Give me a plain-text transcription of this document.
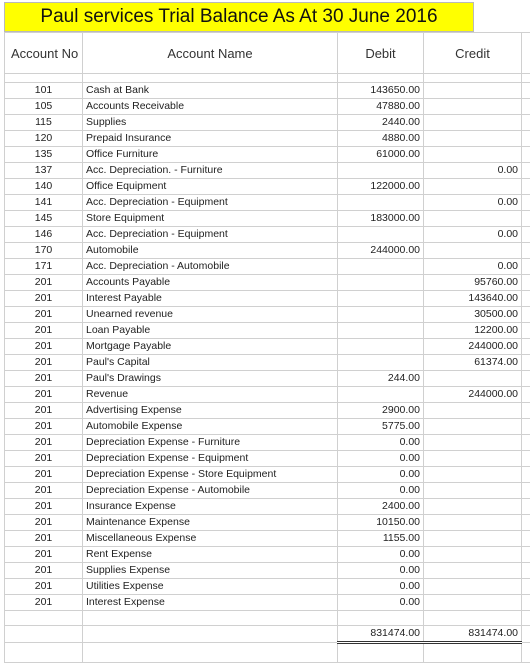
Paul services Trial Balance As At 30 June 2016
Account No	Account Name	Debit	Credit	

101	Cash at Bank	143650.00		
105	Accounts Receivable	47880.00		
115	Supplies	2440.00		
120	Prepaid Insurance	4880.00		
135	Office Furniture	61000.00		
137	Acc. Depreciation. - Furniture		0.00	
140	Office Equipment	122000.00		
141	Acc. Depreciation - Equipment		0.00	
145	Store Equipment	183000.00		
146	Acc. Depreciation - Equipment		0.00	
170	Automobile	244000.00		
171	Acc. Depreciation - Automobile		0.00	
201	Accounts Payable		95760.00	
201	Interest Payable		143640.00	
201	Unearned revenue		30500.00	
201	Loan Payable		12200.00	
201	Mortgage Payable		244000.00	
201	Paul's Capital		61374.00	
201	Paul's Drawings	244.00		
201	Revenue		244000.00	
201	Advertising Expense	2900.00		
201	Automobile Expense	5775.00		
201	Depreciation Expense - Furniture	0.00		
201	Depreciation Expense - Equipment	0.00		
201	Depreciation Expense - Store Equipment	0.00		
201	Depreciation Expense - Automobile	0.00		
201	Insurance Expense	2400.00		
201	Maintenance Expense	10150.00		
201	Miscellaneous Expense	1155.00		
201	Rent Expense	0.00		
201	Supplies Expense	0.00		
201	Utilities Expense	0.00		
201	Interest Expense	0.00		

		831474.00	831474.00	
